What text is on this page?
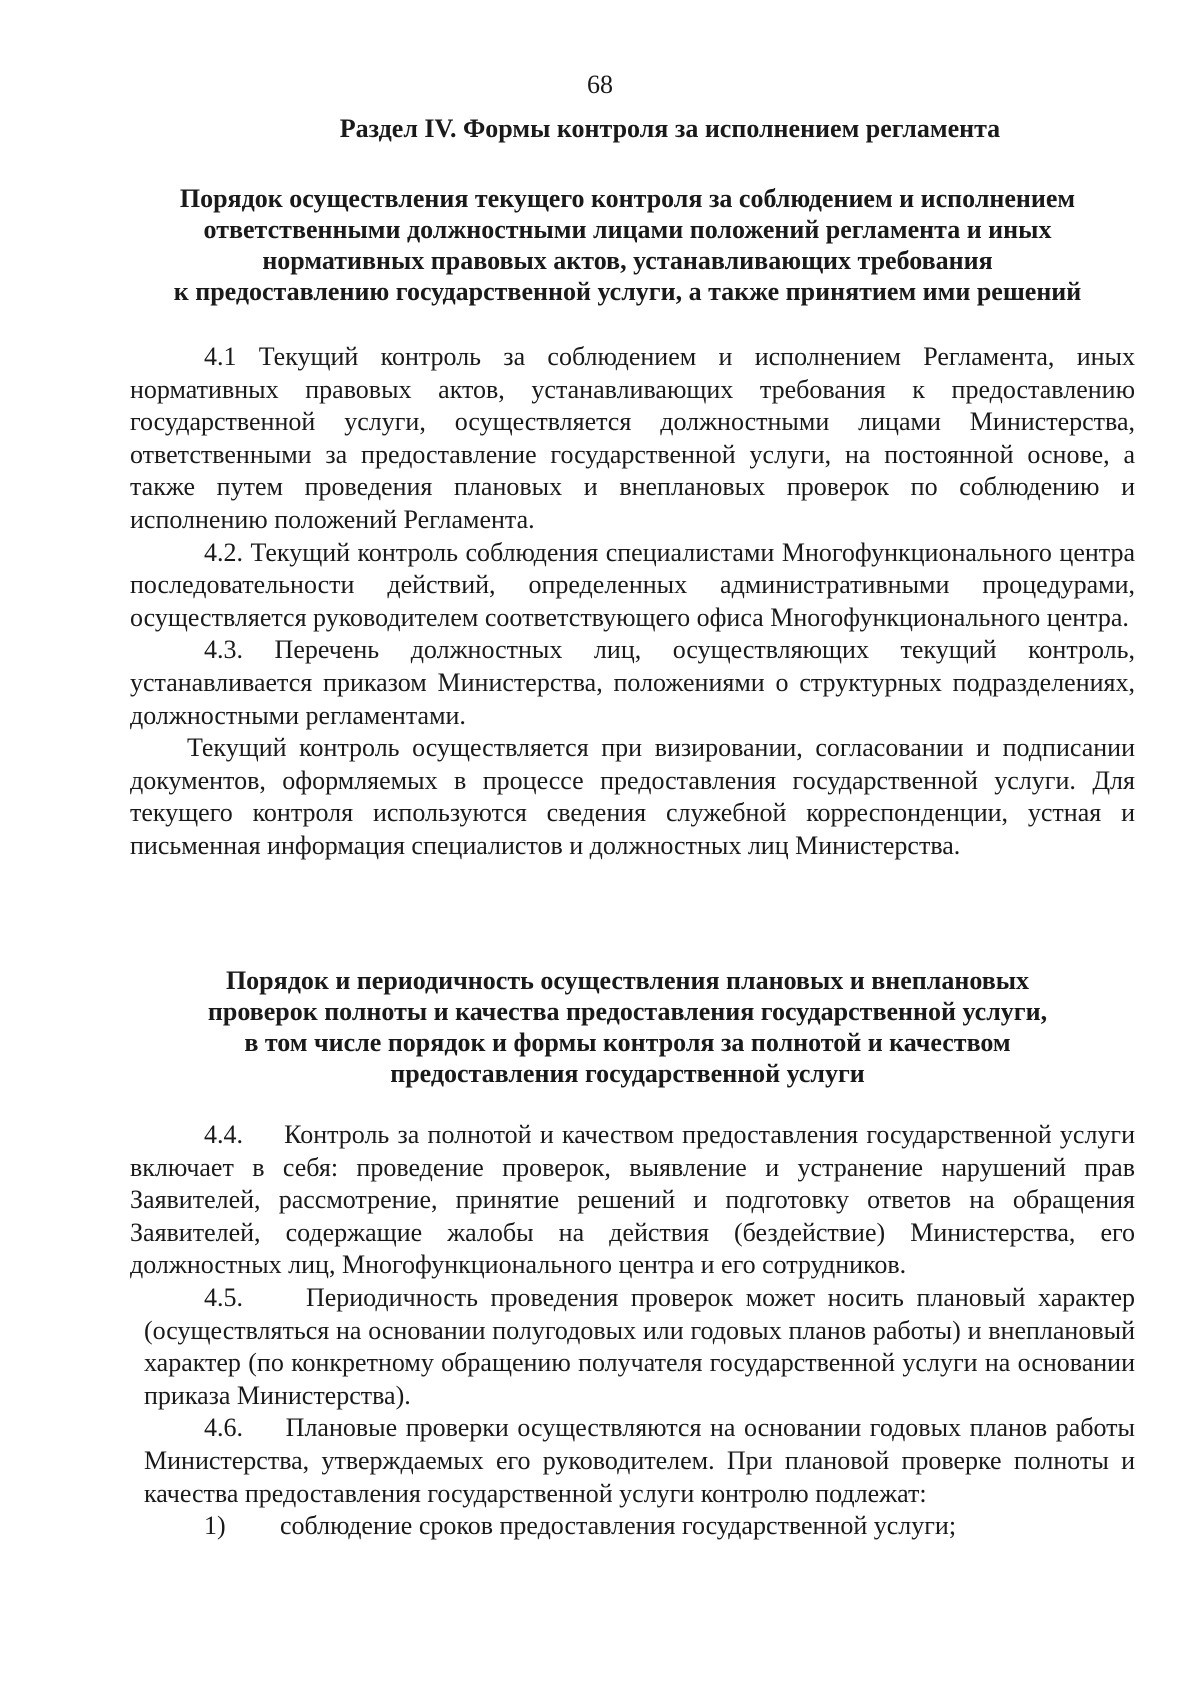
68
Раздел IV. Формы контроля за исполнением регламента
Порядок осуществления текущего контроля за соблюдением и исполнением
ответственными должностными лицами положений регламента и иных
нормативных правовых актов, устанавливающих требования
к предоставлению государственной услуги, а также принятием ими решений

4.1 Текущий контроль за соблюдением и исполнением Регламента, иных нормативных правовых актов, устанавливающих требования к предоставлению государственной услуги, осуществляется должностными лицами Министерства, ответственными за предоставление государственной услуги, на постоянной основе, а также путем проведения плановых и внеплановых проверок по соблюдению и исполнению положений Регламента.

4.2. Текущий контроль соблюдения специалистами Многофункционального центра последовательности действий, определенных административными процедурами, осуществляется руководителем соответствующего офиса Многофункционального центра.

4.3. Перечень должностных лиц, осуществляющих текущий контроль, устанавливается приказом Министерства, положениями о структурных подразделениях, должностными регламентами.

Текущий контроль осуществляется при визировании, согласовании и подписании документов, оформляемых в процессе предоставления государственной услуги. Для текущего контроля используются сведения служебной корреспонденции, устная и письменная информация специалистов и должностных лиц Министерства.

Порядок и периодичность осуществления плановых и внеплановых
проверок полноты и качества предоставления государственной услуги,
в том числе порядок и формы контроля за полнотой и качеством
предоставления государственной услуги

4.4.     Контроль за полнотой и качеством предоставления государственной услуги включает в себя: проведение проверок, выявление и устранение нарушений прав Заявителей, рассмотрение, принятие решений и подготовку ответов на обращения Заявителей, содержащие жалобы на действия (бездействие) Министерства, его должностных лиц, Многофункционального центра и его сотрудников.

4.5.     Периодичность проведения проверок может носить плановый характер (осуществляться на основании полугодовых или годовых планов работы) и внеплановый характер (по конкретному обращению получателя государственной услуги на основании приказа Министерства).

4.6.     Плановые проверки осуществляются на основании годовых планов работы Министерства, утверждаемых его руководителем. При плановой проверке полноты и качества предоставления государственной услуги контролю подлежат:

1)	соблюдение сроков предоставления государственной услуги;
